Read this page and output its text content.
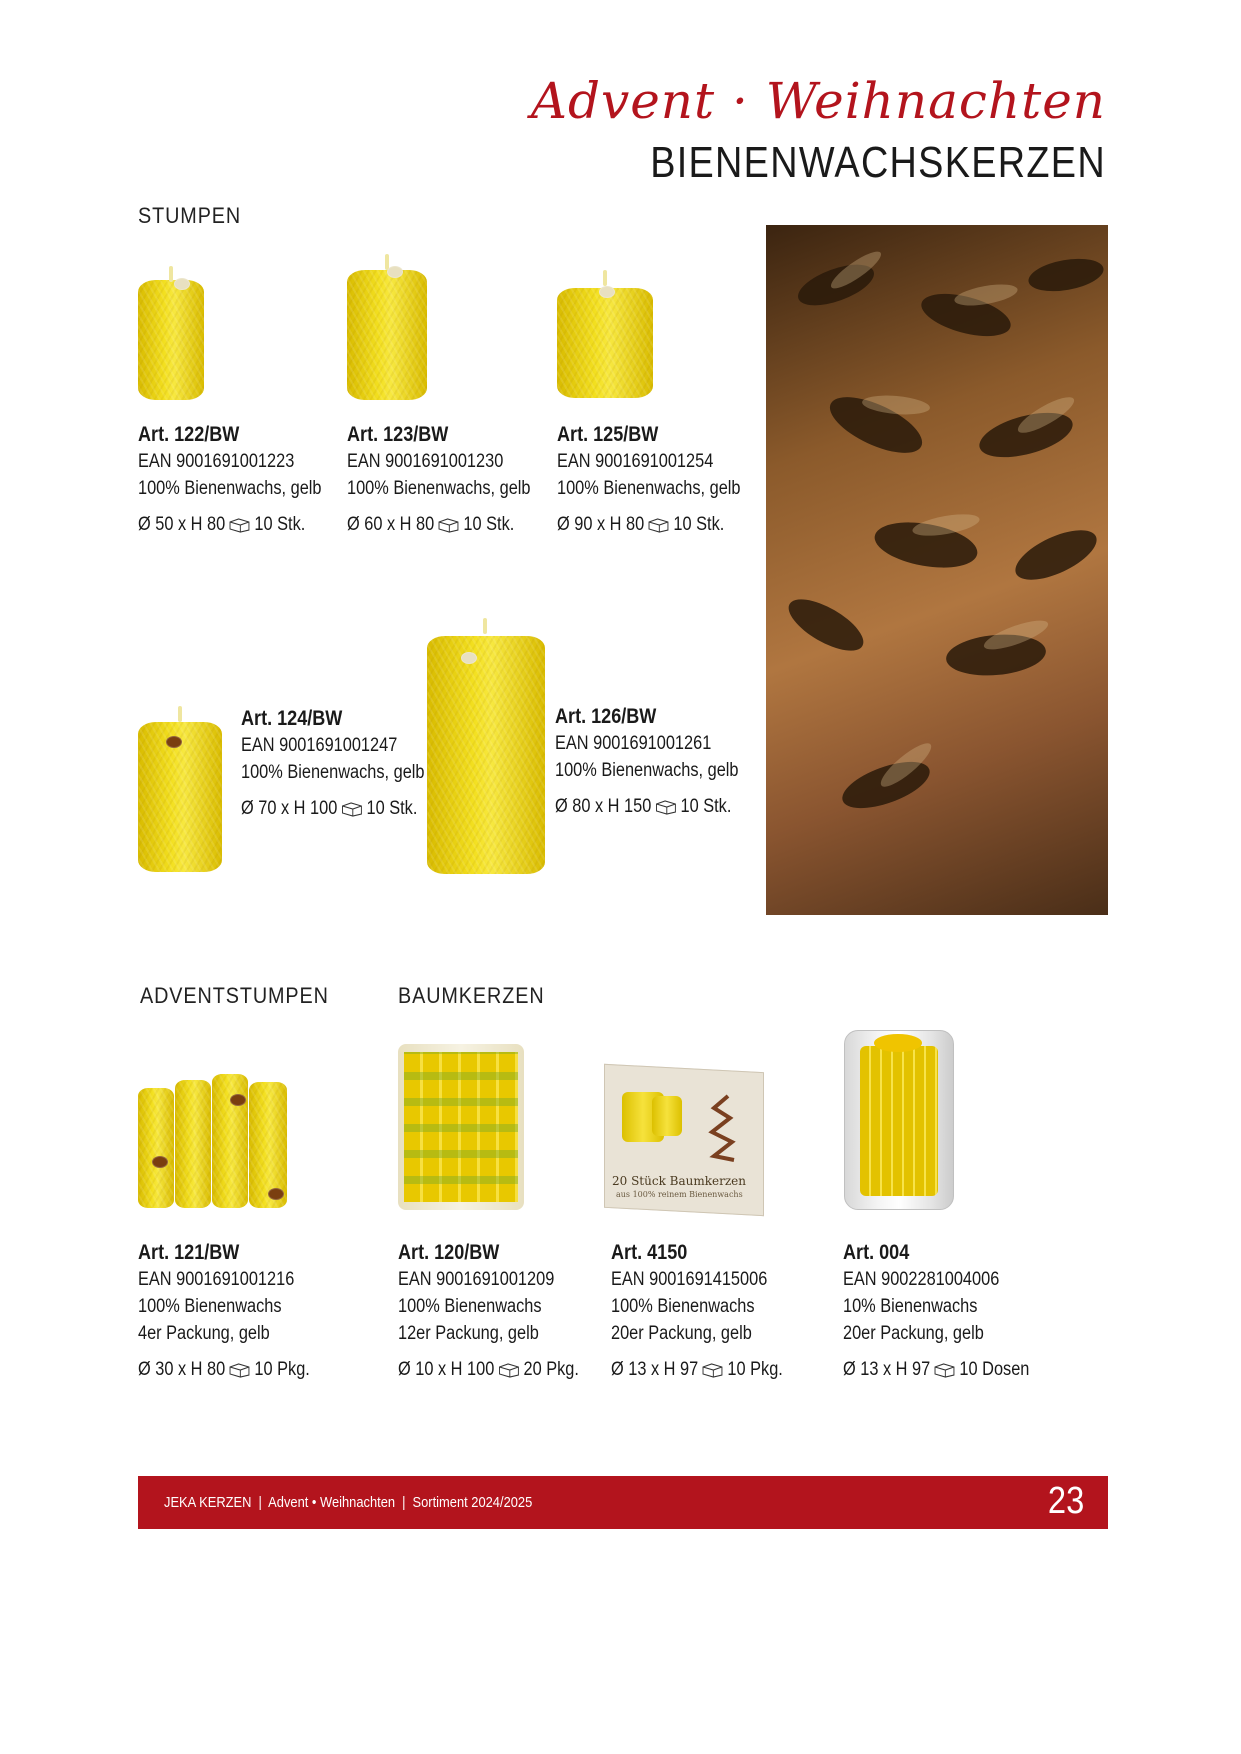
Advent · Weihnachten
BIENENWACHSKERZEN
STUMPEN
Art. 122/BW
EAN 9001691001223
100% Bienenwachs, gelb
Ø 50 x H 80 10 Stk.
Art. 123/BW
EAN 9001691001230
100% Bienenwachs, gelb
Ø 60 x H 80 10 Stk.
Art. 125/BW
EAN 9001691001254
100% Bienenwachs, gelb
Ø 90 x H 80 10 Stk.
Art. 124/BW
EAN 9001691001247
100% Bienenwachs, gelb
Ø 70 x H 100 10 Stk.
Art. 126/BW
EAN 9001691001261
100% Bienenwachs, gelb
Ø 80 x H 150 10 Stk.
ADVENTSTUMPEN	BAUMKERZEN
20 Stück Baumkerzen
aus 100% reinem Bienenwachs
Art. 121/BW
EAN 9001691001216
100% Bienenwachs
4er Packung, gelb
Ø 30 x H 80 10 Pkg.
Art. 120/BW
EAN 9001691001209
100% Bienenwachs
12er Packung, gelb
Ø 10 x H 100 20 Pkg.
Art. 4150
EAN 9001691415006
100% Bienenwachs
20er Packung, gelb
Ø 13 x H 97 10 Pkg.
Art. 004
EAN 9002281004006
10% Bienenwachs
20er Packung, gelb
Ø 13 x H 97 10 Dosen
JEKA KERZEN | Advent • Weihnachten | Sortiment 2024/2025	23
